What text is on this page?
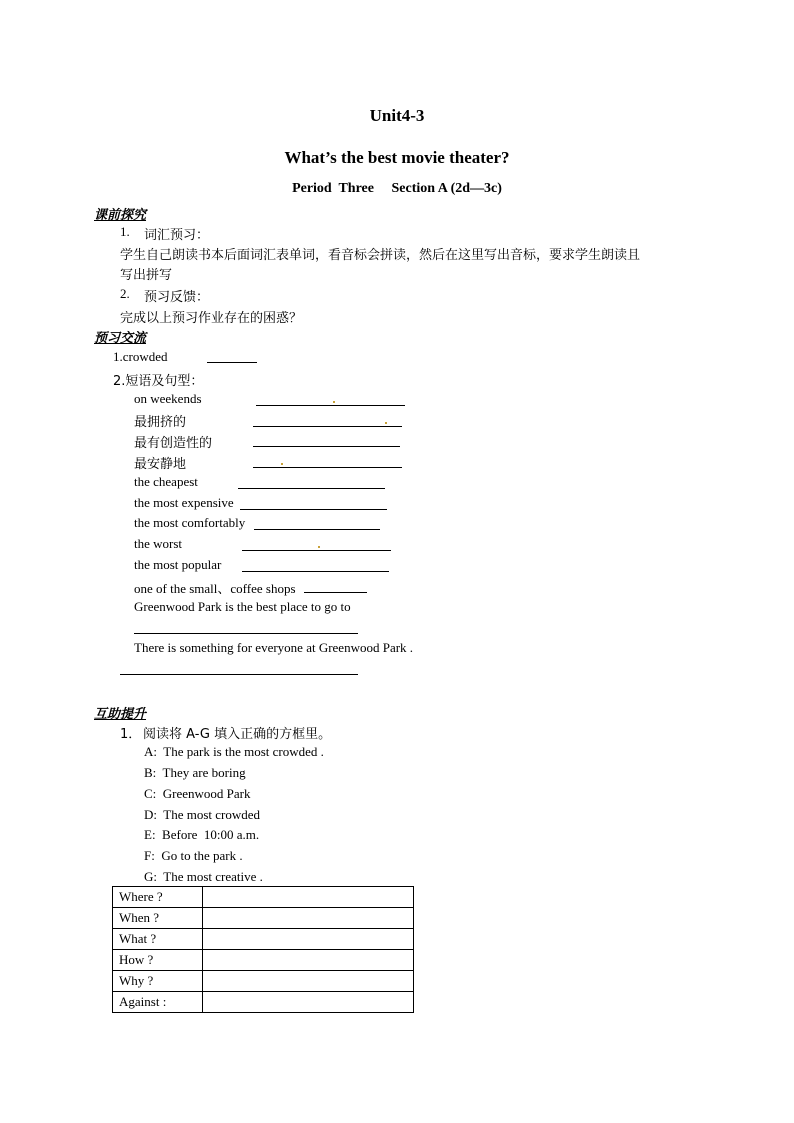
Unit4-3
What’s the best movie theater?
Period  Three     Section A (2d—3c)
课前探究
1. 词汇预习：
学生自己朗读书本后面词汇表单词，看音标会拼读，然后在这里写出音标，要求学生朗读且
写出拼写
2. 预习反馈：
完成以上预习作业存在的困惑？
预习交流
1.crowded
2.短语及句型：
on weekends
最拥挤的
最有创造性的
最安静地
the cheapest
the most expensive
the most comfortably
the worst
the most popular
one of the small、coffee shops
Greenwood Park is the best place to go to
There is something for everyone at Greenwood Park .
互助提升
1． 阅读将 A-G 填入正确的方框里。
A:  The park is the most crowded .
B:  They are boring
C:  Greenwood Park
D:  The most crowded
E:  Before  10:00 a.m.
F:  Go to the park .
G:  The most creative .
Where ?	
When ?	
What ?	
How ?	
Why ?	
Against :	
